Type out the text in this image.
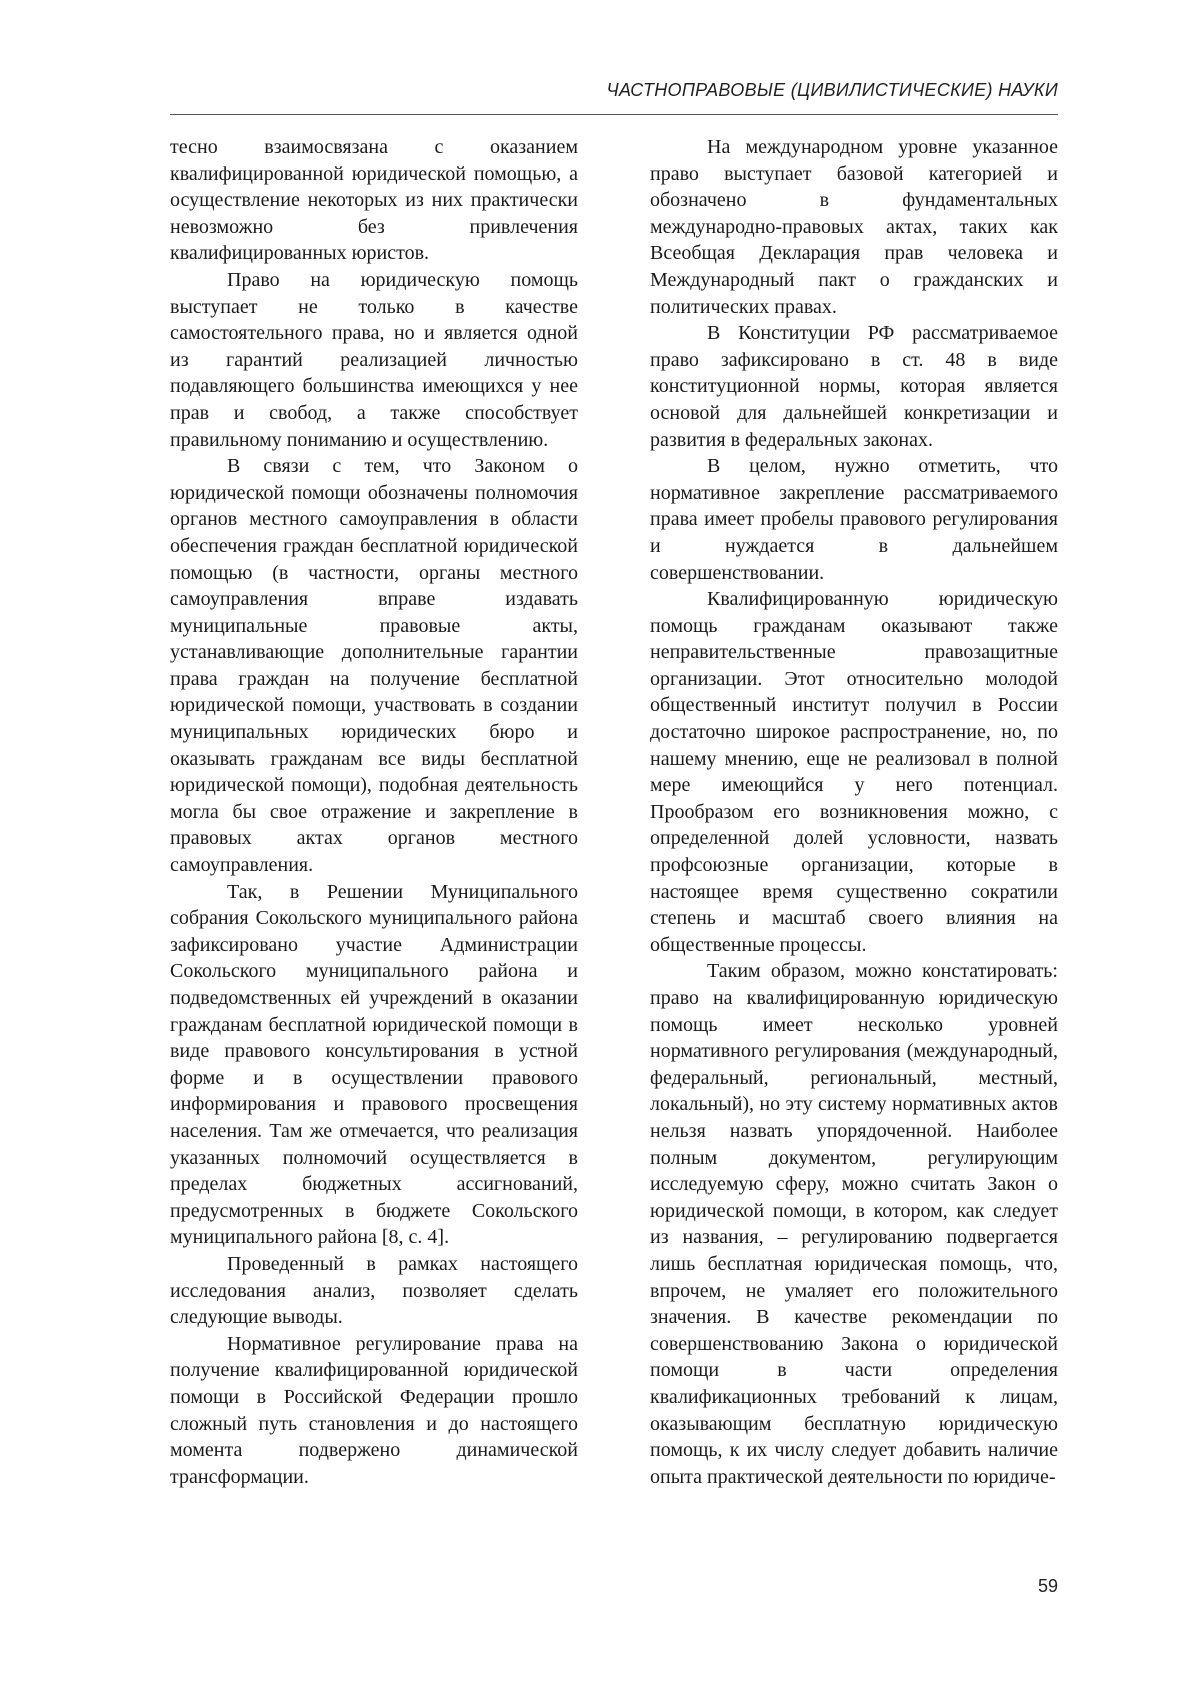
ЧАСТНОПРАВОВЫЕ (ЦИВИЛИСТИЧЕСКИЕ) НАУКИ

тесно взаимосвязана с оказанием квалифицированной юридической помощью, а осуществление некоторых из них практически невозможно без привлечения квалифицированных юристов.

Право на юридическую помощь выступает не только в качестве самостоятельного права, но и является одной из гарантий реализацией личностью подавляющего большинства имеющихся у нее прав и свобод, а также способствует правильному пониманию и осуществлению.

В связи с тем, что Законом о юридической помощи обозначены полномочия органов местного самоуправления в области обеспечения граждан бесплатной юридической помощью (в частности, органы местного самоуправления вправе издавать муниципальные правовые акты, устанавливающие дополнительные гарантии права граждан на получение бесплатной юридической помощи, участвовать в создании муниципальных юридических бюро и оказывать гражданам все виды бесплатной юридической помощи), подобная деятельность могла бы свое отражение и закрепление в правовых актах органов местного самоуправления.

Так, в Решении Муниципального собрания Сокольского муниципального района зафиксировано участие Администрации Сокольского муниципального района и подведомственных ей учреждений в оказании гражданам бесплатной юридической помощи в виде правового консультирования в устной форме и в осуществлении правового информирования и правового просвещения населения. Там же отмечается, что реализация указанных полномочий осуществляется в пределах бюджетных ассигнований, предусмотренных в бюджете Сокольского муниципального района [8, с. 4].

Проведенный в рамках настоящего исследования анализ, позволяет сделать следующие выводы.

Нормативное регулирование права на получение квалифицированной юридической помощи в Российской Федерации прошло сложный путь становления и до настоящего момента подвержено динамической трансформации.

На международном уровне указанное право выступает базовой категорией и обозначено в фундаментальных международно-правовых актах, таких как Всеобщая Декларация прав человека и Международный пакт о гражданских и политических правах.

В Конституции РФ рассматриваемое право зафиксировано в ст. 48 в виде конституционной нормы, которая является основой для дальнейшей конкретизации и развития в федеральных законах.

В целом, нужно отметить, что нормативное закрепление рассматриваемого права имеет пробелы правового регулирования и нуждается в дальнейшем совершенствовании.

Квалифицированную юридическую помощь гражданам оказывают также неправительственные правозащитные организации. Этот относительно молодой общественный институт получил в России достаточно широкое распространение, но, по нашему мнению, еще не реализовал в полной мере имеющийся у него потенциал. Прообразом его возникновения можно, с определенной долей условности, назвать профсоюзные организации, которые в настоящее время существенно сократили степень и масштаб своего влияния на общественные процессы.

Таким образом, можно констатировать: право на квалифицированную юридическую помощь имеет несколько уровней нормативного регулирования (международный, федеральный, региональный, местный, локальный), но эту систему нормативных актов нельзя назвать упорядоченной. Наиболее полным документом, регулирующим исследуемую сферу, можно считать Закон о юридической помощи, в котором, как следует из названия, – регулированию подвергается лишь бесплатная юридическая помощь, что, впрочем, не умаляет его положительного значения. В качестве рекомендации по совершенствованию Закона о юридической помощи в части определения квалификационных требований к лицам, оказывающим бесплатную юридическую помощь, к их числу следует добавить наличие опыта практической деятельности по юридиче-

59
